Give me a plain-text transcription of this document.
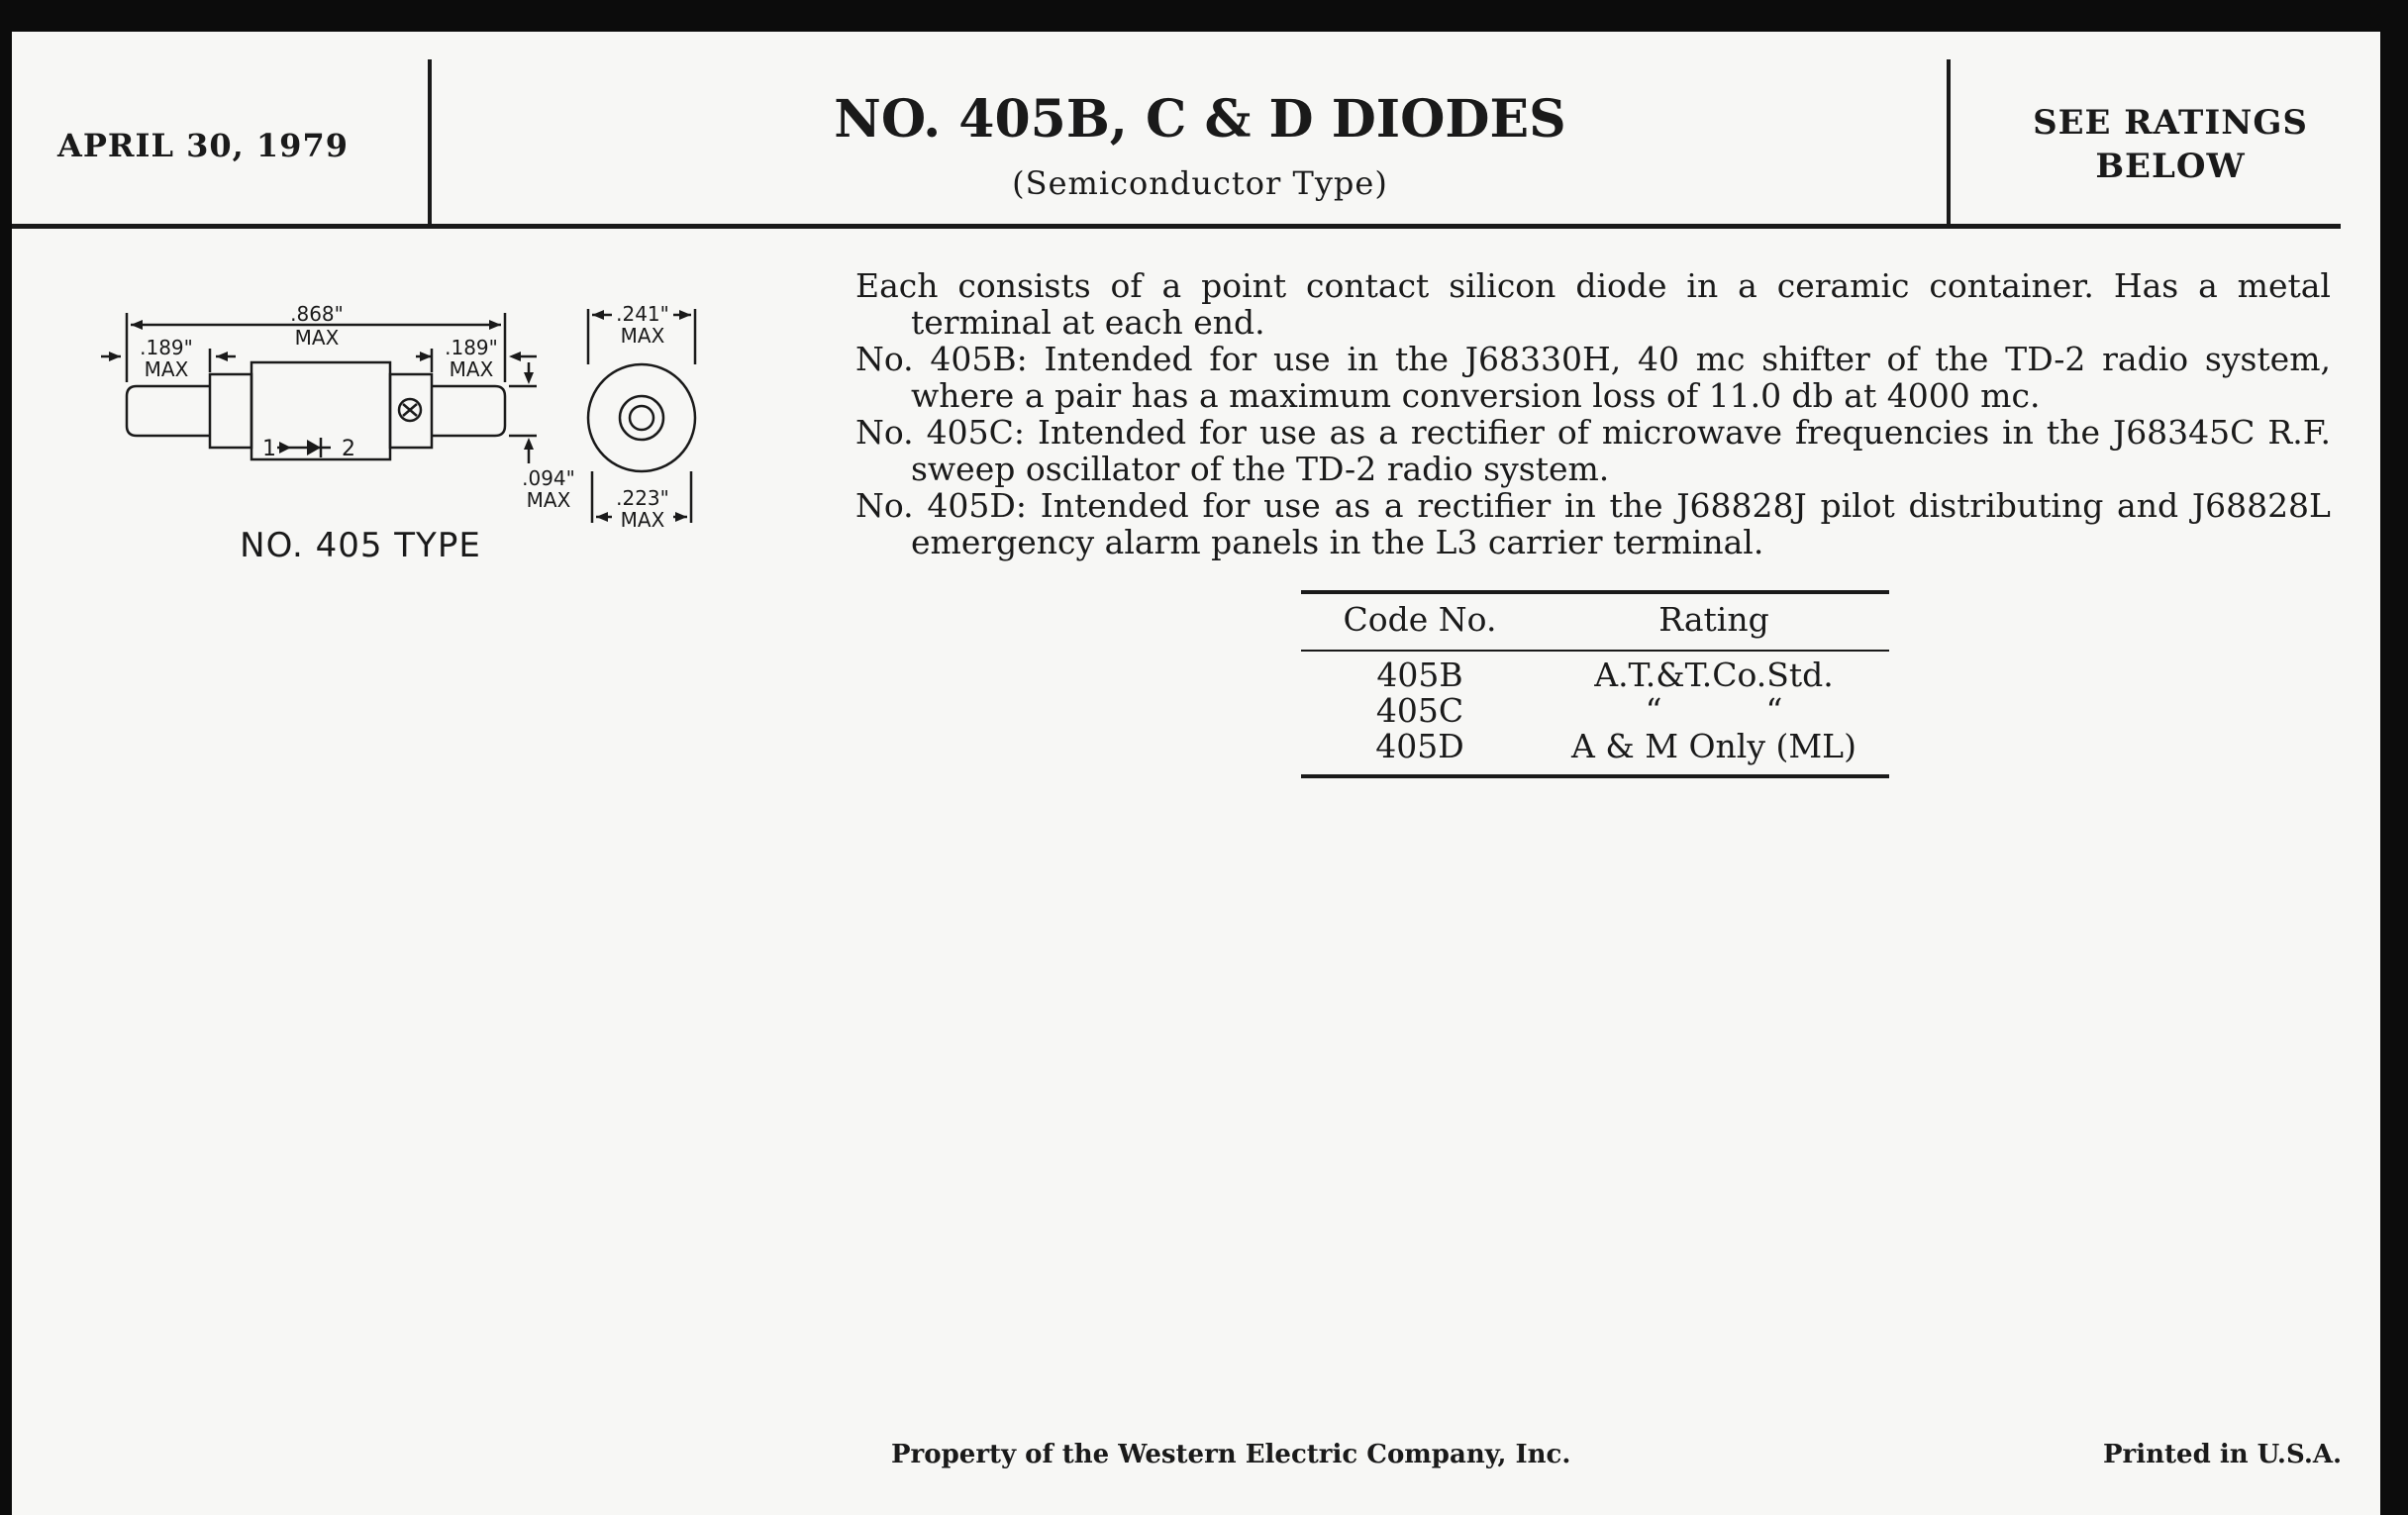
APRIL 30, 1979	NO. 405B, C & D DIODES
(Semiconductor Type)
SEE RATINGS
BELOW
.868"
MAX
.189"
MAX
.189"
MAX
.094"
MAX
.241"
MAX
.223"
MAX
1	2
NO. 405 TYPE
Each consists of a point contact silicon diode in a ceramic container. Has a metal terminal at each end.
No. 405B: Intended for use in the J68330H, 40 mc shifter of the TD-2 radio system, where a pair has a maximum conversion loss of 11.0 db at 4000 mc.
No. 405C: Intended for use as a rectifier of microwave frequencies in the J68345C R.F. sweep oscillator of the TD-2 radio system.
No. 405D: Intended for use as a rectifier in the J68828J pilot distributing and J68828L emergency alarm panels in the L3 carrier terminal.
Code No.	Rating
405B	A.T.&T.Co.Std.
405C	“          “
405D	A & M Only (ML)
Property of the Western Electric Company, Inc.	Printed in U.S.A.
